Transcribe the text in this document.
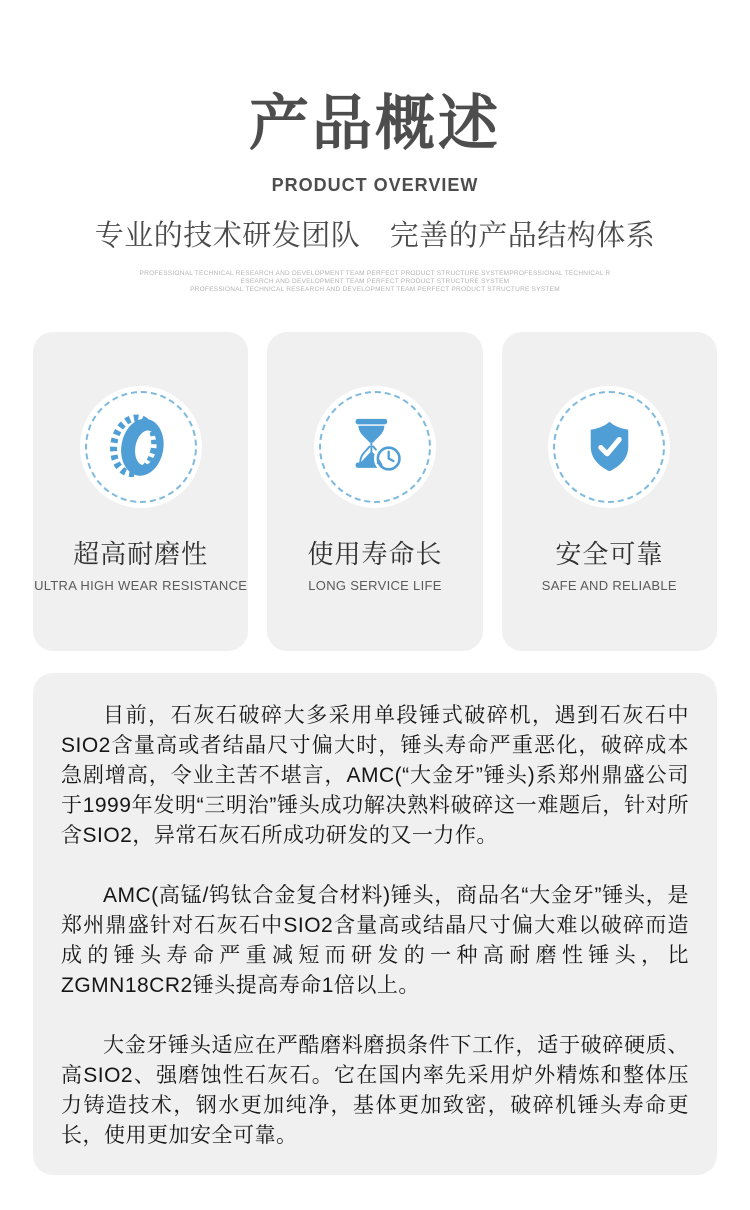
产品概述
PRODUCT OVERVIEW
专业的技术研发团队　完善的产品结构体系
PROFESSIONAL TECHNICAL RESEARCH AND DEVELOPMENT TEAM PERFECT PRODUCT STRUCTURE SYSTEMPROFESSIONAL TECHNICAL R
ESEARCH AND DEVELOPMENT TEAM PERFECT PRODUCT STRUCTURE SYSTEM
PROFESSIONAL TECHNICAL RESEARCH AND DEVELOPMENT TEAM PERFECT PRODUCT STRUCTURE SYSTEM
超高耐磨性
ULTRA HIGH WEAR RESISTANCE
使用寿命长
LONG SERVICE LIFE
安全可靠
SAFE AND RELIABLE

目前，石灰石破碎大多采用单段锤式破碎机，遇到石灰石中SIO2含量高或者结晶尺寸偏大时，锤头寿命严重恶化，破碎成本急剧增高，令业主苦不堪言，AMC(“大金牙”锤头)系郑州鼎盛公司于1999年发明“三明治”锤头成功解决熟料破碎这一难题后，针对所含SIO2，异常石灰石所成功研发的又一力作。

AMC(高锰/钨钛合金复合材料)锤头，商品名“大金牙”锤头，是郑州鼎盛针对石灰石中SIO2含量高或结晶尺寸偏大难以破碎而造成的锤头寿命严重减短而研发的一种高耐磨性锤头，比ZGMN18CR2锤头提高寿命1倍以上。

大金牙锤头适应在严酷磨料磨损条件下工作，适于破碎硬质、高SIO2、强磨蚀性石灰石。它在国内率先采用炉外精炼和整体压力铸造技术，钢水更加纯净，基体更加致密，破碎机锤头寿命更长，使用更加安全可靠。
